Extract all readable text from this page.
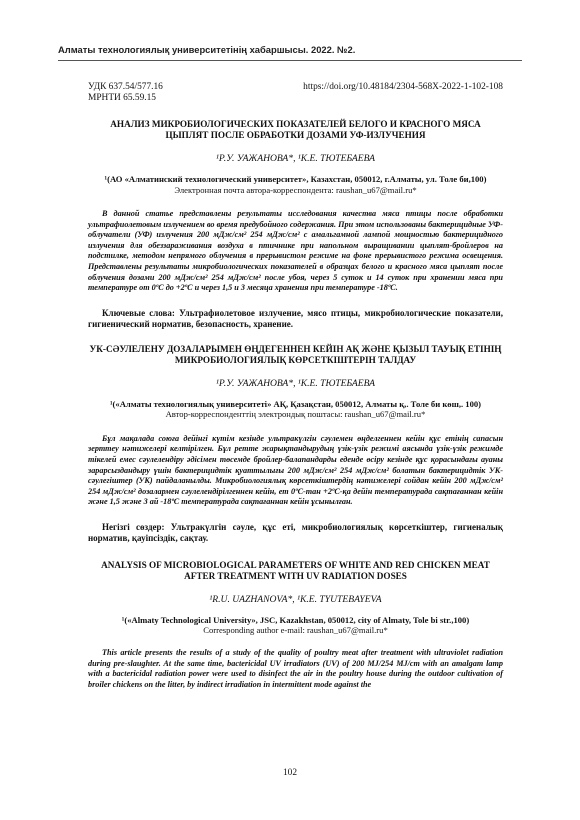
Алматы технологиялық университетінің хабаршысы. 2022. №2.
УДК 637.54/577.16
МРНТИ 65.59.15
https://doi.org/10.48184/2304-568X-2022-1-102-108
АНАЛИЗ МИКРОБИОЛОГИЧЕСКИХ ПОКАЗАТЕЛЕЙ БЕЛОГО И КРАСНОГО МЯСА ЦЫПЛЯТ ПОСЛЕ ОБРАБОТКИ ДОЗАМИ УФ-ИЗЛУЧЕНИЯ
¹Р.У. УАЖАНОВА*, ¹К.Е. ТЮТЕБАЕВА
¹(АО «Алматинский технологический университет», Казахстан, 050012, г.Алматы, ул. Толе би,100)
Электронная почта автора-корреспондента: raushan_u67@mail.ru*
В данной статье представлены результаты исследования качества мяса птицы после обработки ультрафиолетовым излучением во время предубойного содержания. При этом использованы бактерицидные УФ-облучатели (УФ) излучения 200 мДж/см² 254 мДж/см² с амальгамной лампой мощностью бактерицидного излучения для обеззараживания воздуха в птичнике при напольном выращивании цыплят-бройлеров на подстилке, методом непрямого облучения в прерывистом режиме на фоне прерывистого режима освещения. Представлены результаты микробиологических показателей в образцах белого и красного мяса цыплят после облучения дозами 200 мДж/см² 254 мДж/см² после убоя, через 5 суток и 14 суток при хранении мяса при температуре от 0ºС до +2ºС и через 1,5 и 3 месяца хранения при температуре -18ºС.
Ключевые слова: Ультрафиолетовое излучение, мясо птицы, микробиологические показатели, гигиенический норматив, безопасность, хранение.
УК-СӘУЛЕЛЕНУ ДОЗАЛАРЫМЕН ӨҢДЕГЕННЕН КЕЙІН АҚ ЖӘНЕ ҚЫЗЫЛ ТАУЫҚ ЕТІНІҢ МИКРОБИОЛОГИЯЛЫҚ КӨРСЕТКІШТЕРІН ТАЛДАУ
¹Р.У. УАЖАНОВА*, ¹К.Е. ТЮТЕБАЕВА
¹(«Алматы технологиялық университеті» АҚ, Қазақстан, 050012, Алматы қ,. Толе би көш,. 100)
Автор-корреспонденттің электрондық поштасы: raushan_u67@mail.ru*
Бұл мақалада союға дейінгі күтім кезінде ультракүлгін сәулемен өңделгеннен кейін құс етінің сапасын зерттеу нәтижелері келтірілген. Бұл ретте жарықтандырудың үзік-үзік режимі аясында үзік-үзік режимде тікелей емес сәулелендіру әдісімен төсемде бройлер-балапандарды еденде өсіру кезінде құс қорасындағы ауаны зарарсыздандыру үшін бактерицидтік қуаттылығы 200 мДж/см² 254 мДж/см² болатын бактерицидтік УК-сәулегіштер (УК) пайдаланылды. Микробиологиялық көрсеткіштердің нәтижелері сойдан кейін 200 мДж/см² 254 мДж/см² дозалармен сәулелендірілгеннен кейін, ет 0ºС-тан +2ºС-қа дейін температурада сақтағаннан кейін және 1,5 және 3 ай -18ºС температурада сақтағаннан кейін ұсынылған.
Негізгі сөздер: Ультракүлгін сәуле, құс еті, микробиологиялық көрсеткіштер, гигиеналық норматив, қауіпсіздік, сақтау.
ANALYSIS OF MICROBIOLOGICAL PARAMETERS OF WHITE AND RED CHICKEN MEAT AFTER TREATMENT WITH UV RADIATION DOSES
¹R.U. UAZHANOVA*, ¹K.E. TYUTEBAYEVA
¹(«Almaty Technological University», JSC, Kazakhstan, 050012, city of Almaty, Tole bi str.,100)
Corresponding author e-mail: raushan_u67@mail.ru*
This article presents the results of a study of the quality of poultry meat after treatment with ultraviolet radiation during pre-slaughter. At the same time, bactericidal UV irradiators (UV) of 200 MJ/254 MJ/cm with an amalgam lamp with a bactericidal radiation power were used to disinfect the air in the poultry house during the outdoor cultivation of broiler chickens on the litter, by indirect irradiation in intermittent mode against the
102
